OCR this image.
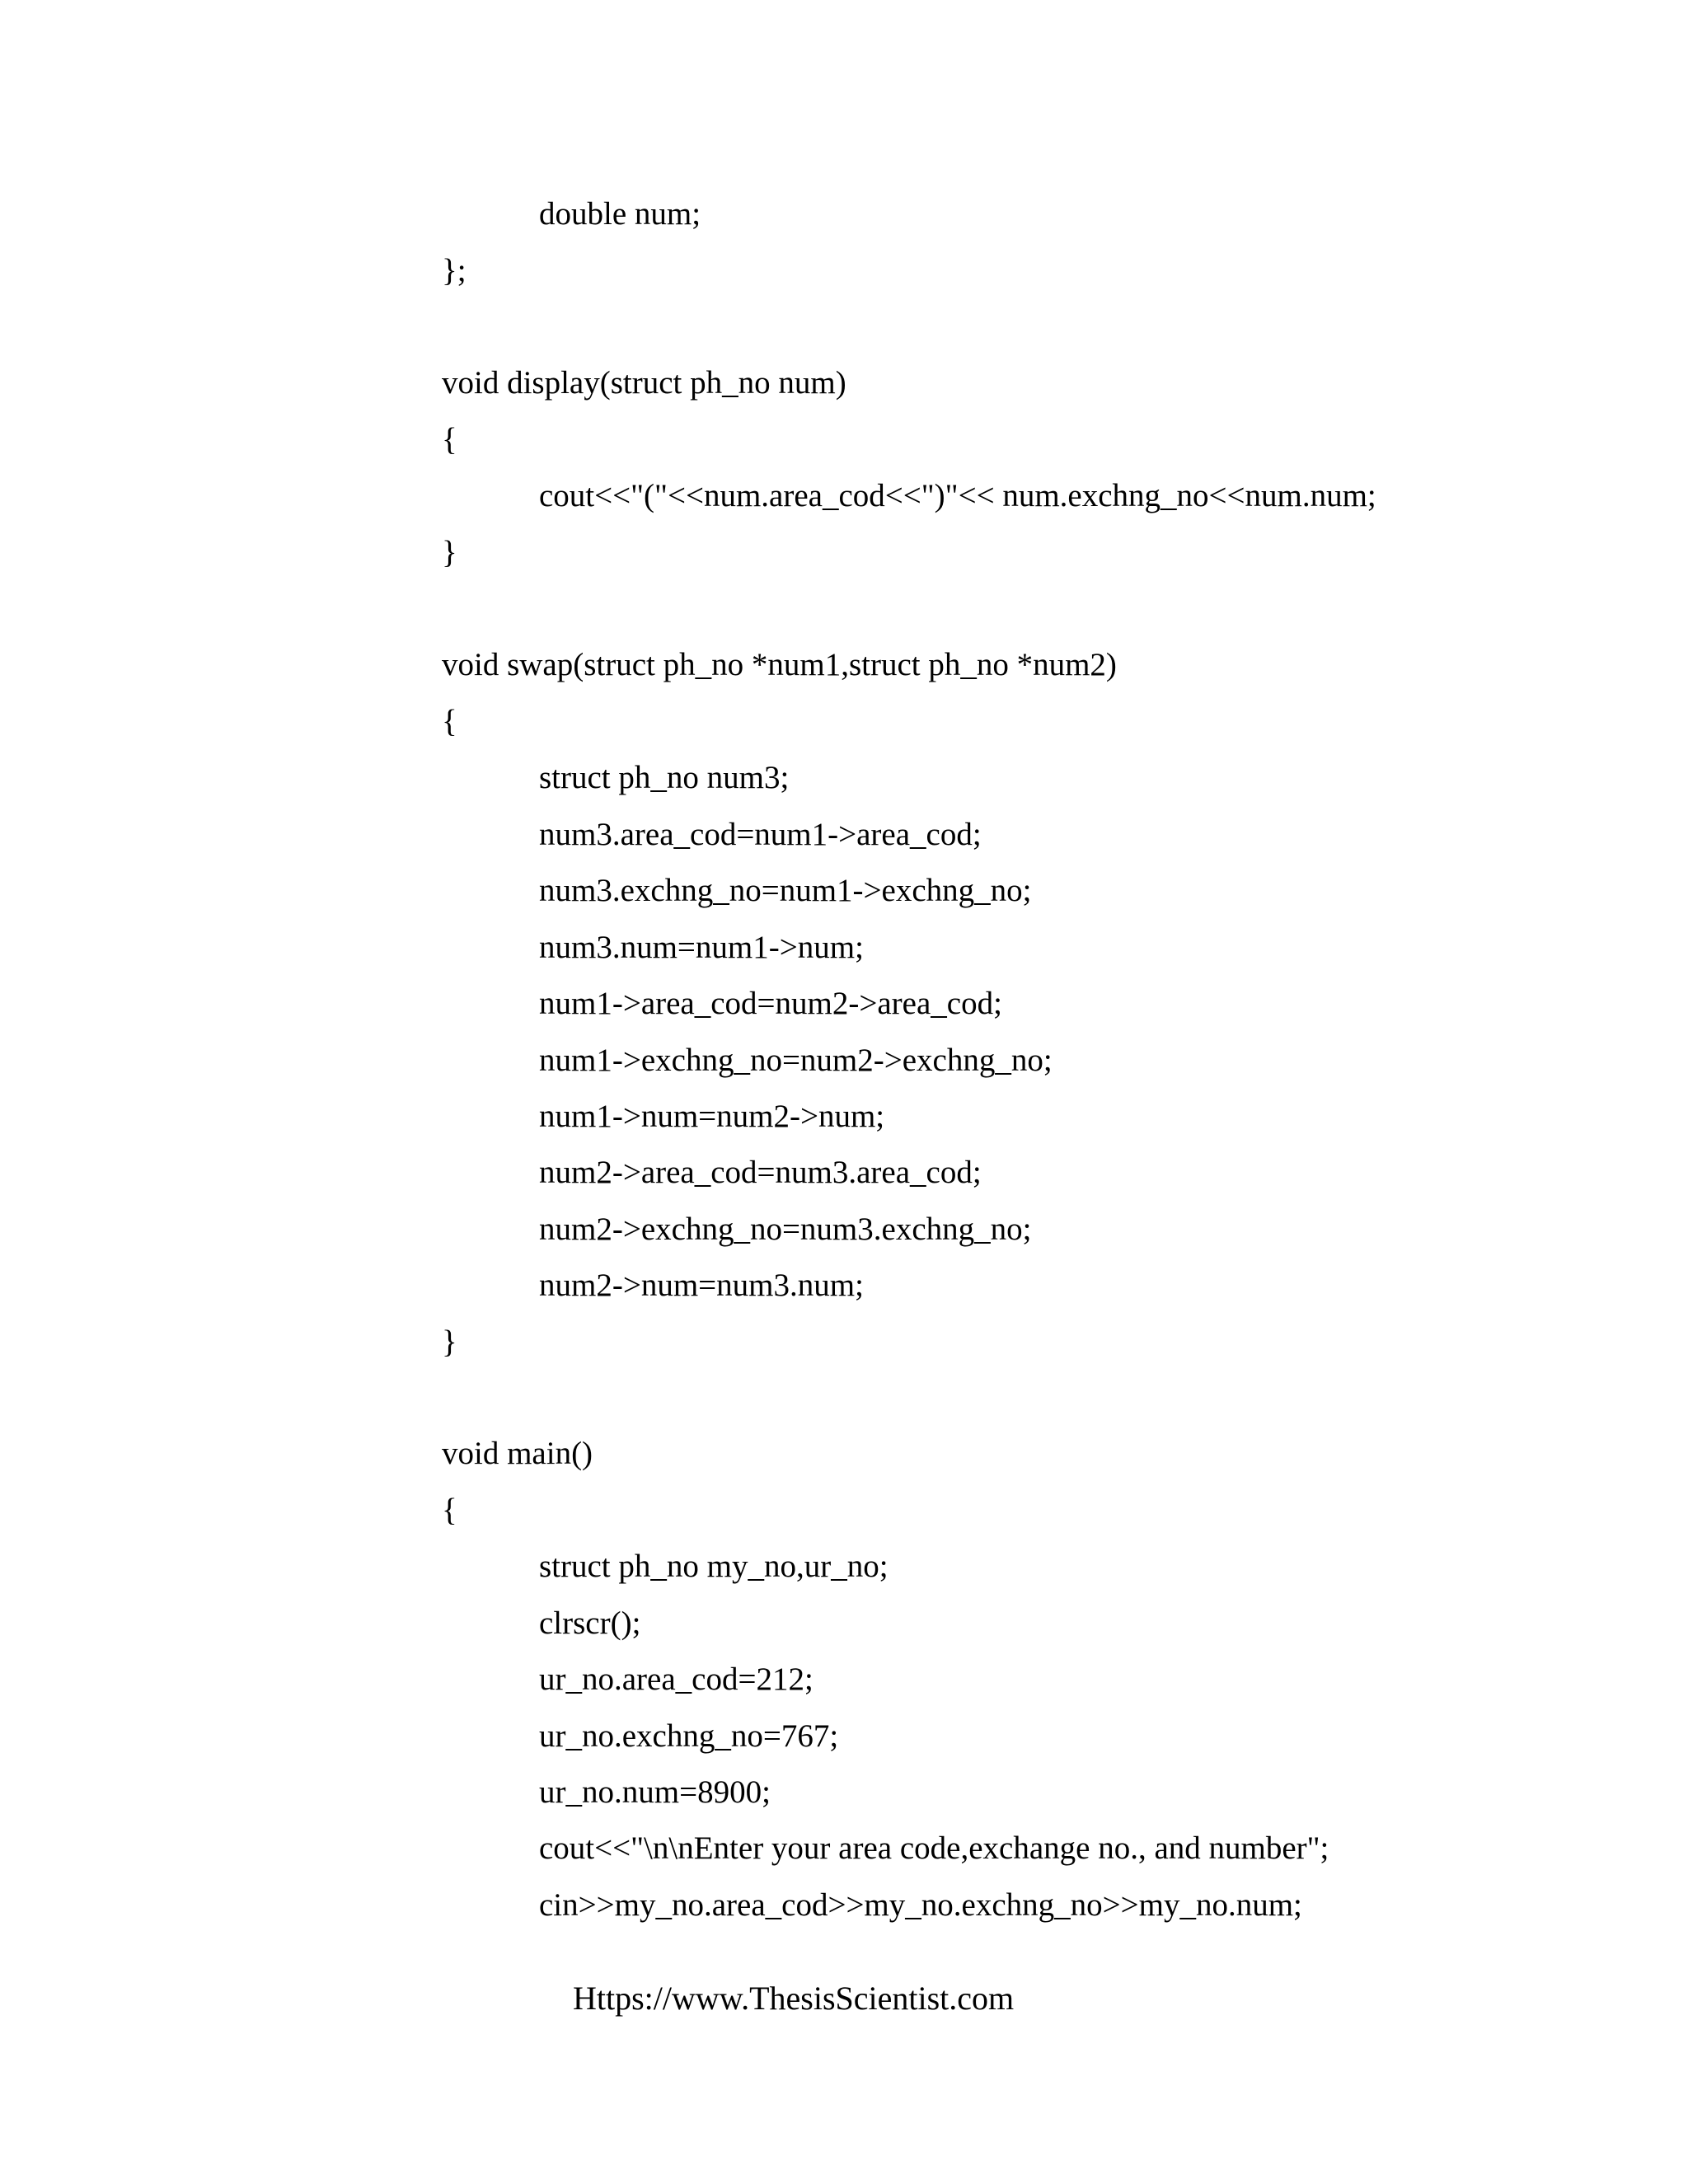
double num;
};
void display(struct ph_no num)
{
cout<<"("<<num.area_cod<<")"<< num.exchng_no<<num.num;
}
void swap(struct ph_no *num1,struct ph_no *num2)
{
struct ph_no num3;
num3.area_cod=num1->area_cod;
num3.exchng_no=num1->exchng_no;
num3.num=num1->num;
num1->area_cod=num2->area_cod;
num1->exchng_no=num2->exchng_no;
num1->num=num2->num;
num2->area_cod=num3.area_cod;
num2->exchng_no=num3.exchng_no;
num2->num=num3.num;
}
void main()
{
struct ph_no my_no,ur_no;
clrscr();
ur_no.area_cod=212;
ur_no.exchng_no=767;
ur_no.num=8900;
cout<<"\n\nEnter your area code,exchange no., and number";
cin>>my_no.area_cod>>my_no.exchng_no>>my_no.num;
Https://www.ThesisScientist.com
